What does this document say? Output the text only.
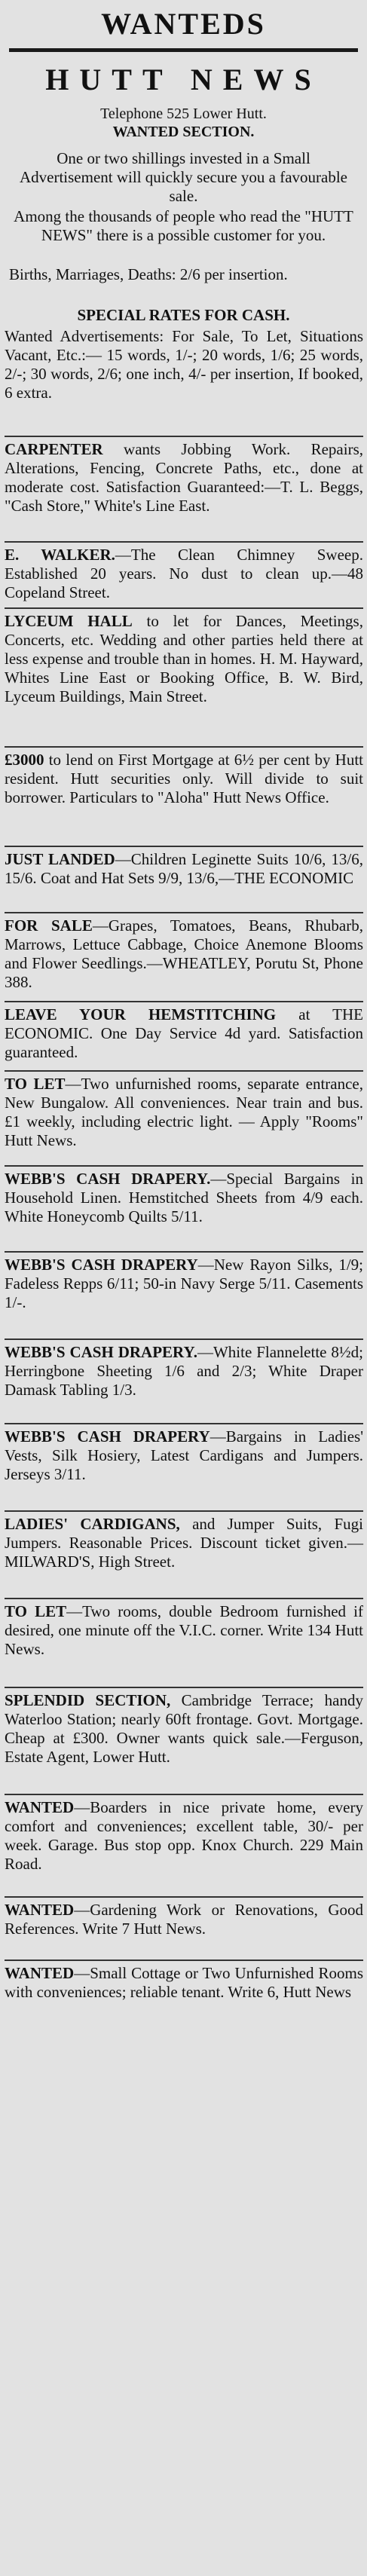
WANTEDS
HUTT NEWS
Telephone 525 Lower Hutt.
WANTED SECTION.
One or two shillings invested in a Small Advertisement will quickly secure you a favourable sale.
Among the thousands of people who read the "HUTT NEWS" there is a possible customer for you.
Births, Marriages, Deaths: 2/6 per insertion.
SPECIAL RATES FOR CASH.
Wanted Advertisements: For Sale, To Let, Situations Vacant, Etc.:— 15 words, 1/-; 20 words, 1/6; 25 words, 2/-; 30 words, 2/6; one inch, 4/- per insertion, If booked, 6 extra.
CARPENTER wants Jobbing Work. Repairs, Alterations, Fencing, Concrete Paths, etc., done at moderate cost. Satisfaction Guaranteed:—T. L. Beggs, "Cash Store," White's Line East.
E. WALKER.—The Clean Chimney Sweep. Established 20 years. No dust to clean up.—48 Copeland Street.
LYCEUM HALL to let for Dances, Meetings, Concerts, etc. Wedding and other parties held there at less expense and trouble than in homes. H. M. Hayward, Whites Line East or Booking Office, B. W. Bird, Lyceum Buildings, Main Street.
£3000 to lend on First Mortgage at 6½ per cent by Hutt resident. Hutt securities only. Will divide to suit borrower. Particulars to "Aloha" Hutt News Office.
JUST LANDED—Children Leginette Suits 10/6, 13/6, 15/6. Coat and Hat Sets 9/9, 13/6,—THE ECONOMIC
FOR SALE—Grapes, Tomatoes, Beans, Rhubarb, Marrows, Lettuce Cabbage, Choice Anemone Blooms and Flower Seedlings.—WHEATLEY, Porutu St, Phone 388.
LEAVE YOUR HEMSTITCHING at THE ECONOMIC. One Day Service 4d yard. Satisfaction guaranteed.
TO LET—Two unfurnished rooms, separate entrance, New Bungalow. All conveniences. Near train and bus. £1 weekly, including electric light. — Apply "Rooms" Hutt News.
WEBB'S CASH DRAPERY.—Special Bargains in Household Linen. Hemstitched Sheets from 4/9 each. White Honeycomb Quilts 5/11.
WEBB'S CASH DRAPERY—New Rayon Silks, 1/9; Fadeless Repps 6/11; 50-in Navy Serge 5/11. Casements 1/-.
WEBB'S CASH DRAPERY.—White Flannelette 8½d; Herringbone Sheeting 1/6 and 2/3; White Draper Damask Tabling 1/3.
WEBB'S CASH DRAPERY—Bargains in Ladies' Vests, Silk Hosiery, Latest Cardigans and Jumpers. Jerseys 3/11.
LADIES' CARDIGANS, and Jumper Suits, Fugi Jumpers. Reasonable Prices. Discount ticket given.—MILWARD'S, High Street.
TO LET—Two rooms, double Bedroom furnished if desired, one minute off the V.I.C. corner. Write 134 Hutt News.
SPLENDID SECTION, Cambridge Terrace; handy Waterloo Station; nearly 60ft frontage. Govt. Mortgage. Cheap at £300. Owner wants quick sale.—Ferguson, Estate Agent, Lower Hutt.
WANTED—Boarders in nice private home, every comfort and conveniences; excellent table, 30/- per week. Garage. Bus stop opp. Knox Church. 229 Main Road.
WANTED—Gardening Work or Renovations, Good References. Write 7 Hutt News.
WANTED—Small Cottage or Two Unfurnished Rooms with conveniences; reliable tenant. Write 6, Hutt News
